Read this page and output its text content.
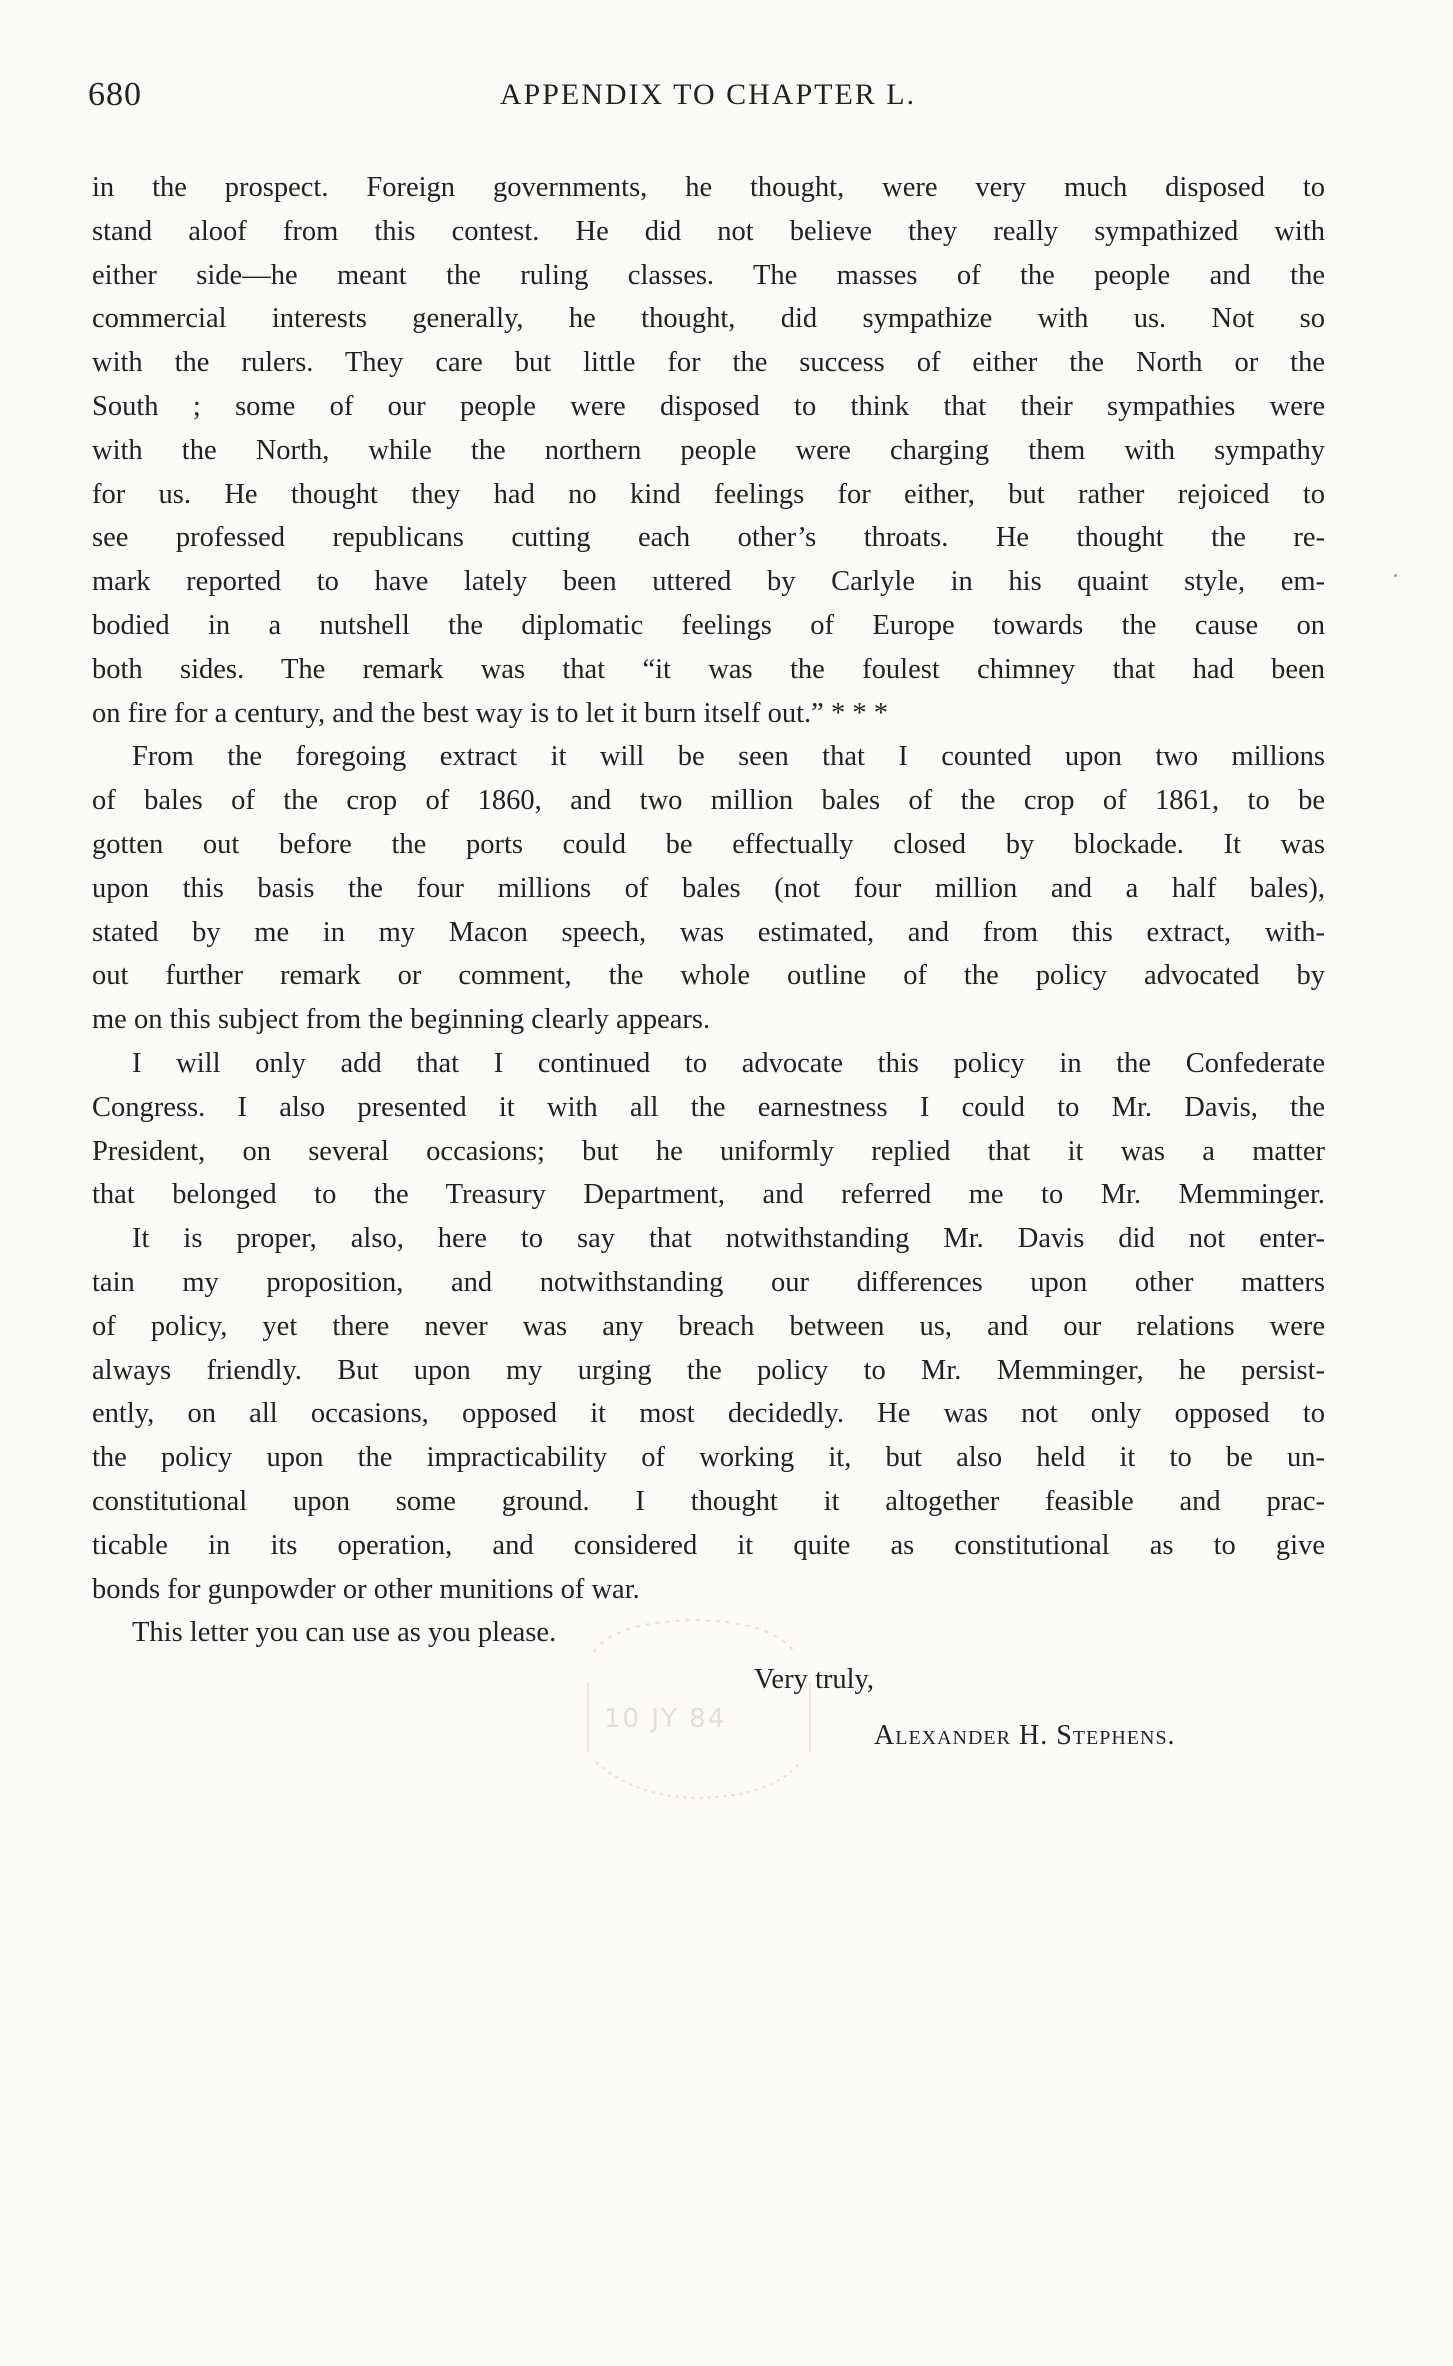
680	APPENDIX TO CHAPTER L.
in the prospect. Foreign governments, he thought, were very much disposed to
stand aloof from this contest. He did not believe they really sympathized with
either side—he meant the ruling classes. The masses of the people and the
commercial interests generally, he thought, did sympathize with us. Not so
with the rulers. They care but little for the success of either the North or the
South ; some of our people were disposed to think that their sympathies were
with the North, while the northern people were charging them with sympathy
for us. He thought they had no kind feelings for either, but rather rejoiced to
see professed republicans cutting each other’s throats. He thought the re-
mark reported to have lately been uttered by Carlyle in his quaint style, em-
bodied in a nutshell the diplomatic feelings of Europe towards the cause on
both sides. The remark was that “it was the foulest chimney that had been
on fire for a century, and the best way is to let it burn itself out.” * * *
From the foregoing extract it will be seen that I counted upon two millions
of bales of the crop of 1860, and two million bales of the crop of 1861, to be
gotten out before the ports could be effectually closed by blockade. It was
upon this basis the four millions of bales (not four million and a half bales),
stated by me in my Macon speech, was estimated, and from this extract, with-
out further remark or comment, the whole outline of the policy advocated by
me on this subject from the beginning clearly appears.
I will only add that I continued to advocate this policy in the Confederate
Congress. I also presented it with all the earnestness I could to Mr. Davis, the
President, on several occasions; but he uniformly replied that it was a matter
that belonged to the Treasury Department, and referred me to Mr. Memminger.
It is proper, also, here to say that notwithstanding Mr. Davis did not enter-
tain my proposition, and notwithstanding our differences upon other matters
of policy, yet there never was any breach between us, and our relations were
always friendly. But upon my urging the policy to Mr. Memminger, he persist-
ently, on all occasions, opposed it most decidedly. He was not only opposed to
the policy upon the impracticability of working it, but also held it to be un-
constitutional upon some ground. I thought it altogether feasible and prac-
ticable in its operation, and considered it quite as constitutional as to give
bonds for gunpowder or other munitions of war.
This letter you can use as you please.
10 JY 84
Very truly,
Alexander H. Stephens.
